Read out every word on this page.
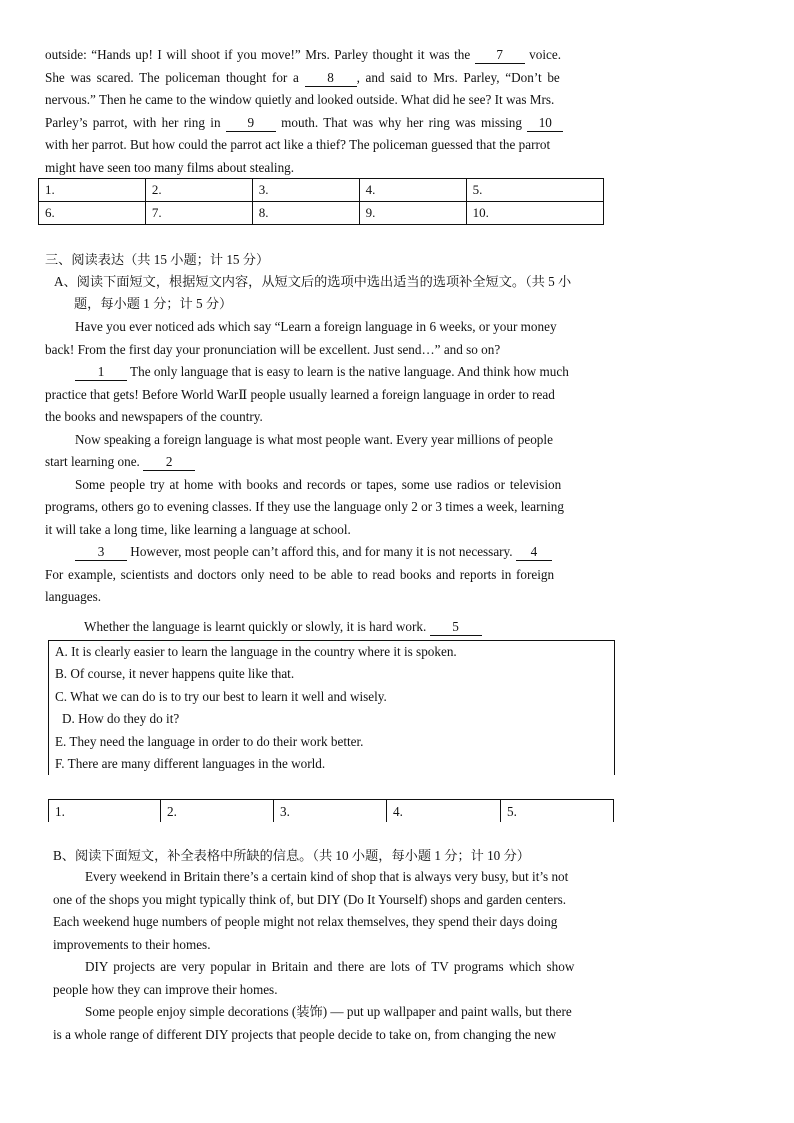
outside: “Hands up! I will shoot if you move!” Mrs. Parley thought it was the 7 voice.
She was scared. The policeman thought for a 8 , and said to Mrs. Parley, “Don’t be
nervous.” Then he came to the window quietly and looked outside. What did he see? It was Mrs.
Parley’s parrot, with her ring in 9 mouth. That was why her ring was missing 10
with her parrot. But how could the parrot act like a thief? The policeman guessed that the parrot
might have seen too many films about stealing.
1.	2.	3.	4.	5.
6.	7.	8.	9.	10.
三、阅读表达（共 15 小题；计 15 分）
A、阅读下面短文，根据短文内容，从短文后的选项中选出适当的选项补全短文。（共 5 小
题，每小题 1 分；计 5 分）
Have you ever noticed ads which say “Learn a foreign language in 6 weeks, or your money
back! From the first day your pronunciation will be excellent. Just send…” and so on?
1 The only language that is easy to learn is the native language. And think how much
practice that gets! Before World WarⅡ people usually learned a foreign language in order to read
the books and newspapers of the country.
Now speaking a foreign language is what most people want. Every year millions of people
start learning one. 2
Some people try at home with books and records or tapes, some use radios or television
programs, others go to evening classes. If they use the language only 2 or 3 times a week, learning
it will take a long time, like learning a language at school.
3 However, most people can’t afford this, and for many it is not necessary. 4
For example, scientists and doctors only need to be able to read books and reports in foreign
languages.
Whether the language is learnt quickly or slowly, it is hard work. 5
A. It is clearly easier to learn the language in the country where it is spoken.
B. Of course, it never happens quite like that.
C. What we can do is to try our best to learn it well and wisely.
D. How do they do it?
E. They need the language in order to do their work better.
F. There are many different languages in the world.
1.	2.	3.	4.	5.
B、阅读下面短文，补全表格中所缺的信息。（共 10 小题，每小题 1 分；计 10 分）
Every weekend in Britain there’s a certain kind of shop that is always very busy, but it’s not
one of the shops you might typically think of, but DIY (Do It Yourself) shops and garden centers.
Each weekend huge numbers of people might not relax themselves, they spend their days doing
improvements to their homes.
DIY projects are very popular in Britain and there are lots of TV programs which show
people how they can improve their homes.
Some people enjoy simple decorations (装饰) — put up wallpaper and paint walls, but there
is a whole range of different DIY projects that people decide to take on, from changing the new
